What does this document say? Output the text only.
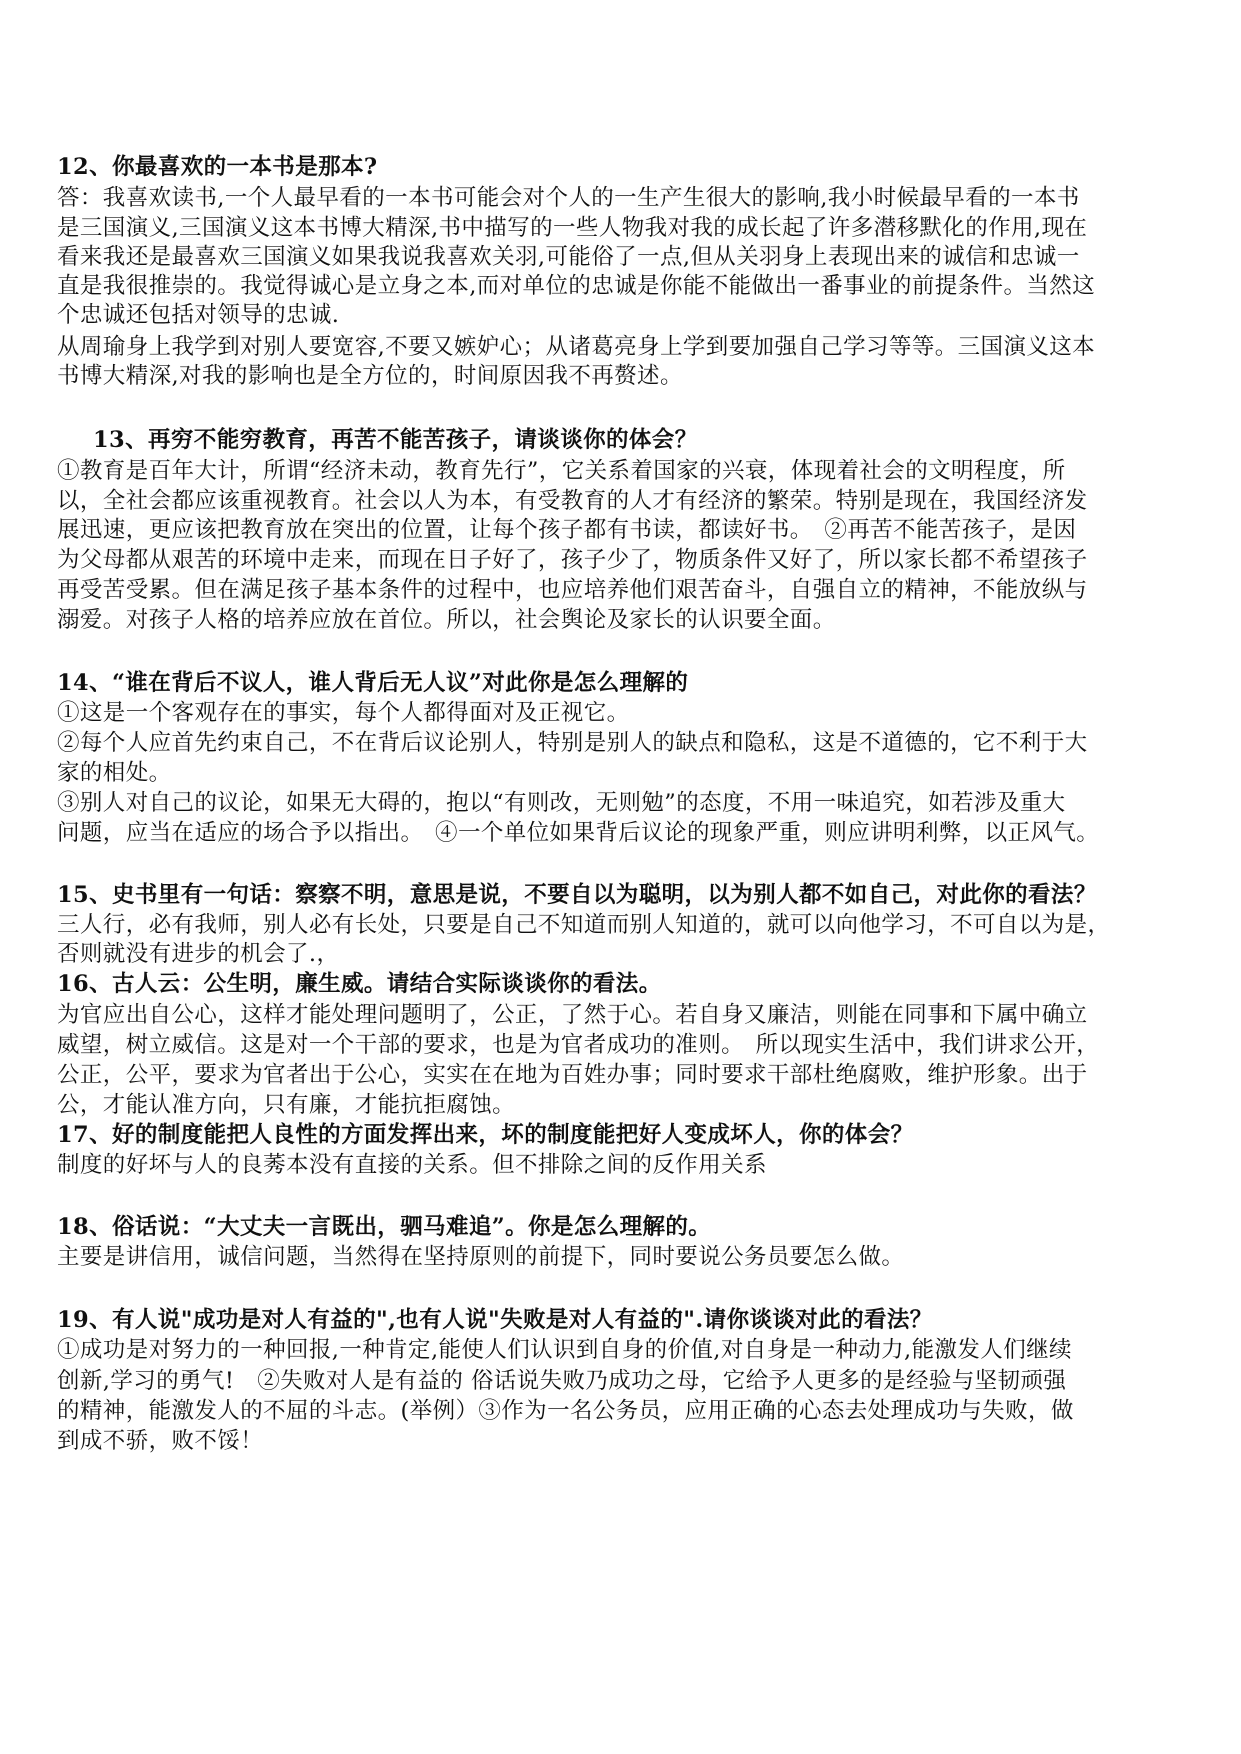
12、你最喜欢的一本书是那本?
答：我喜欢读书,一个人最早看的一本书可能会对个人的一生产生很大的影响,我小时候最早看的一本书
是三国演义,三国演义这本书博大精深,书中描写的一些人物我对我的成长起了许多潜移默化的作用,现在
看来我还是最喜欢三国演义如果我说我喜欢关羽,可能俗了一点,但从关羽身上表现出来的诚信和忠诚一
直是我很推崇的。我觉得诚心是立身之本,而对单位的忠诚是你能不能做出一番事业的前提条件。当然这
个忠诚还包括对领导的忠诚.
从周瑜身上我学到对别人要宽容,不要又嫉妒心；从诸葛亮身上学到要加强自己学习等等。三国演义这本
书博大精深,对我的影响也是全方位的，时间原因我不再赘述。
13、再穷不能穷教育，再苦不能苦孩子，请谈谈你的体会？
①教育是百年大计，所谓“经济未动，教育先行”，它关系着国家的兴衰，体现着社会的文明程度，所
以，全社会都应该重视教育。社会以人为本，有受教育的人才有经济的繁荣。特别是现在，我国经济发
展迅速，更应该把教育放在突出的位置，让每个孩子都有书读，都读好书。　②再苦不能苦孩子，是因
为父母都从艰苦的环境中走来，而现在日子好了，孩子少了，物质条件又好了，所以家长都不希望孩子
再受苦受累。但在满足孩子基本条件的过程中，也应培养他们艰苦奋斗，自强自立的精神，不能放纵与
溺爱。对孩子人格的培养应放在首位。所以，社会舆论及家长的认识要全面。
14、“谁在背后不议人，谁人背后无人议”对此你是怎么理解的
①这是一个客观存在的事实，每个人都得面对及正视它。
②每个人应首先约束自己，不在背后议论别人，特别是别人的缺点和隐私，这是不道德的，它不利于大
家的相处。
③别人对自己的议论，如果无大碍的，抱以“有则改，无则勉”的态度，不用一味追究，如若涉及重大
问题，应当在适应的场合予以指出。　④一个单位如果背后议论的现象严重，则应讲明利弊，以正风气。
15、史书里有一句话：察察不明，意思是说，不要自以为聪明，以为别人都不如自己，对此你的看法？
三人行，必有我师，别人必有长处，只要是自己不知道而别人知道的，就可以向他学习，不可自以为是，
否则就没有进步的机会了.，
16、古人云：公生明，廉生威。请结合实际谈谈你的看法。
为官应出自公心，这样才能处理问题明了，公正，了然于心。若自身又廉洁，则能在同事和下属中确立
威望，树立威信。这是对一个干部的要求，也是为官者成功的准则。　所以现实生活中，我们讲求公开，
公正，公平，要求为官者出于公心，实实在在地为百姓办事；同时要求干部杜绝腐败，维护形象。出于
公，才能认准方向，只有廉，才能抗拒腐蚀。
17、好的制度能把人良性的方面发挥出来，坏的制度能把好人变成坏人，你的体会？
制度的好坏与人的良莠本没有直接的关系。但不排除之间的反作用关系
18、俗话说：“大丈夫一言既出，驷马难追”。你是怎么理解的。
主要是讲信用，诚信问题，当然得在坚持原则的前提下，同时要说公务员要怎么做。
19、有人说"成功是对人有益的",也有人说"失败是对人有益的".请你谈谈对此的看法？
①成功是对努力的一种回报,一种肯定,能使人们认识到自身的价值,对自身是一种动力,能激发人们继续
创新,学习的勇气!　②失败对人是有益的 俗话说失败乃成功之母，它给予人更多的是经验与坚韧顽强
的精神，能激发人的不屈的斗志。(举例）③作为一名公务员，应用正确的心态去处理成功与失败，做
到成不骄，败不馁！
